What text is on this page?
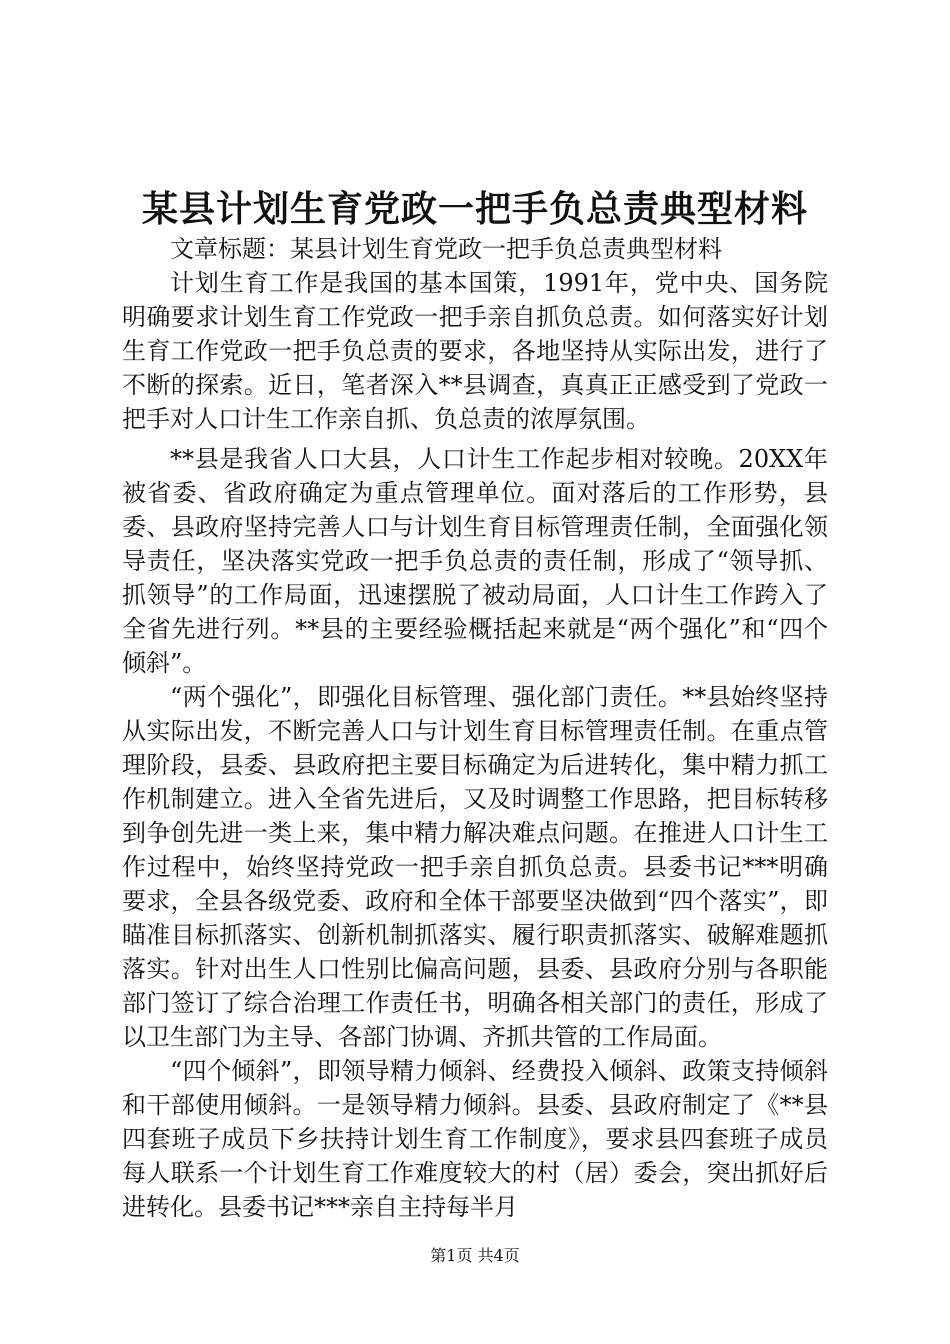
某县计划生育党政一把手负总责典型材料

文章标题：某县计划生育党政一把手负总责典型材料

计划生育工作是我国的基本国策，1991年，党中央、国务院明确要求计划生育工作党政一把手亲自抓负总责。如何落实好计划生育工作党政一把手负总责的要求，各地坚持从实际出发，进行了不断的探索。近日，笔者深入**县调查，真真正正感受到了党政一把手对人口计生工作亲自抓、负总责的浓厚氛围。

**县是我省人口大县，人口计生工作起步相对较晚。20XX年被省委、省政府确定为重点管理单位。面对落后的工作形势，县委、县政府坚持完善人口与计划生育目标管理责任制，全面强化领导责任，坚决落实党政一把手负总责的责任制，形成了“领导抓、抓领导”的工作局面，迅速摆脱了被动局面，人口计生工作跨入了全省先进行列。**县的主要经验概括起来就是“两个强化”和“四个倾斜”。

“两个强化”，即强化目标管理、强化部门责任。**县始终坚持从实际出发，不断完善人口与计划生育目标管理责任制。在重点管理阶段，县委、县政府把主要目标确定为后进转化，集中精力抓工作机制建立。进入全省先进后，又及时调整工作思路，把目标转移到争创先进一类上来，集中精力解决难点问题。在推进人口计生工作过程中，始终坚持党政一把手亲自抓负总责。县委书记***明确要求，全县各级党委、政府和全体干部要坚决做到“四个落实”，即瞄准目标抓落实、创新机制抓落实、履行职责抓落实、破解难题抓落实。针对出生人口性别比偏高问题，县委、县政府分别与各职能部门签订了综合治理工作责任书，明确各相关部门的责任，形成了以卫生部门为主导、各部门协调、齐抓共管的工作局面。

“四个倾斜”，即领导精力倾斜、经费投入倾斜、政策支持倾斜和干部使用倾斜。一是领导精力倾斜。县委、县政府制定了《**县四套班子成员下乡扶持计划生育工作制度》，要求县四套班子成员每人联系一个计划生育工作难度较大的村（居）委会，突出抓好后进转化。县委书记***亲自主持每半月

第1页 共4页
